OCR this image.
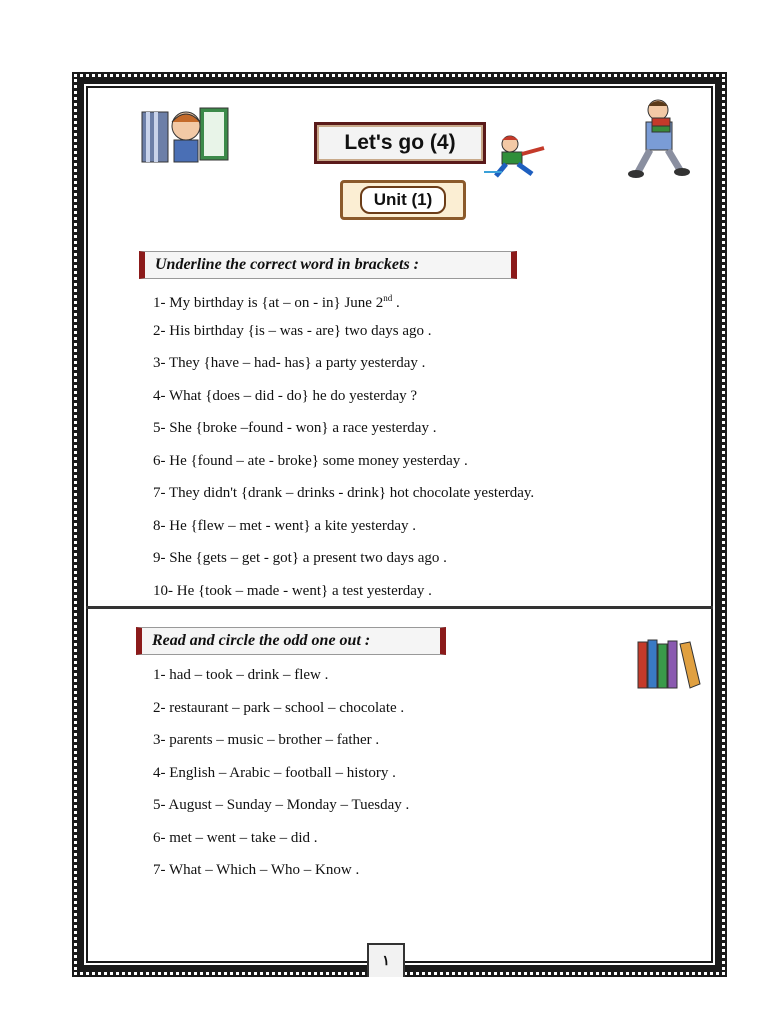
Let's go (4)
Unit (1)
Underline the correct word in brackets :
1- My birthday is {at – on - in} June 2nd .
2- His birthday {is – was - are} two days ago .
3- They {have – had- has} a party yesterday .
4- What {does – did - do} he do yesterday ?
5- She {broke –found - won} a race yesterday .
6- He {found – ate - broke} some money yesterday .
7- They didn't {drank – drinks - drink} hot chocolate yesterday.
8- He {flew – met - went} a kite yesterday .
9- She {gets – get - got} a present two days ago .
10- He {took – made - went} a test yesterday .
Read and circle the odd one out :
1- had – took – drink – flew .
2- restaurant – park – school – chocolate .
3- parents – music – brother – father .
4- English – Arabic – football – history .
5- August – Sunday – Monday – Tuesday .
6- met – went – take – did .
7- What – Which – Who – Know .
١
